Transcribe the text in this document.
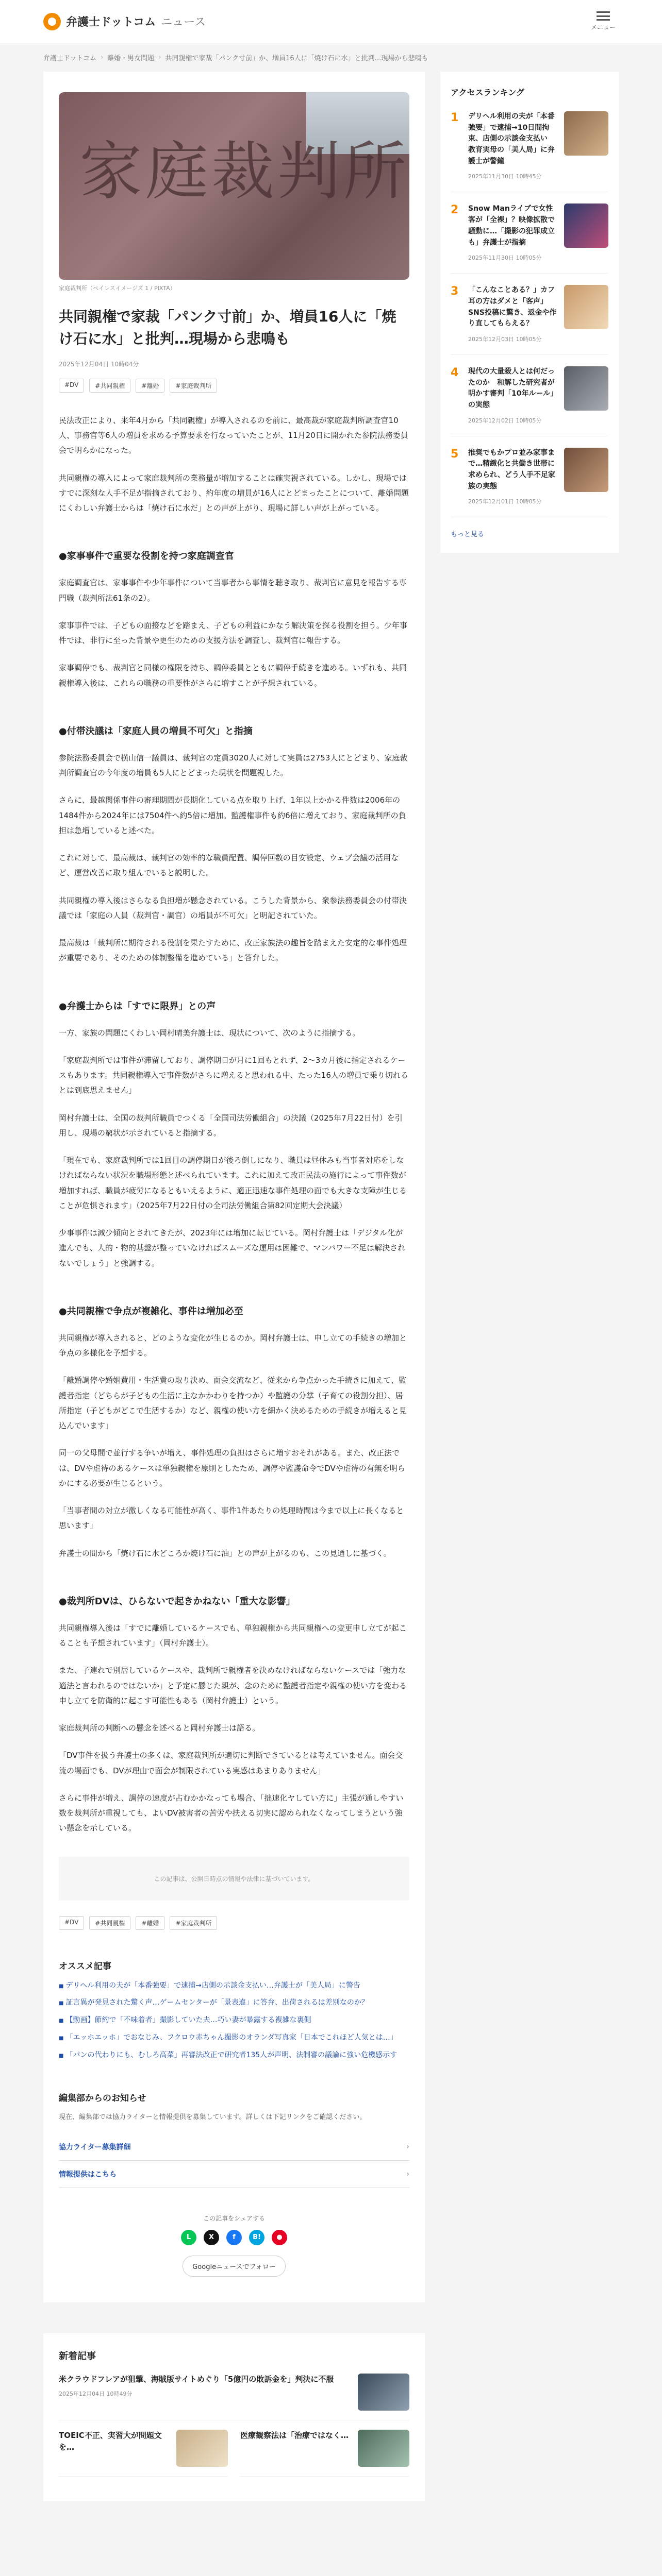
弁護士ドットコム ニュース	メニュー
弁護士ドットコム › 離婚・男女問題 › 共同親権で家裁「パンク寸前」か、増員16人に「焼け石に水」と批判…現場から悲鳴も
家庭裁判所
家庭裁判所（ペイレスイメージズ 1 / PIXTA）
共同親権で家裁「パンク寸前」か、増員16人に「焼け石に水」と批判…現場から悲鳴も
2025年12月04日 10時04分
#DV	#共同親権	#離婚	#家庭裁判所

民法改正により、来年4月から「共同親権」が導入されるのを前に、最高裁が家庭裁判所調査官10人、事務官等6人の増員を求める予算要求を行なっていたことが、11月20日に開かれた参院法務委員会で明らかになった。

共同親権の導入によって家庭裁判所の業務量が増加することは確実視されている。しかし、現場ではすでに深刻な人手不足が指摘されており、約年度の増員が16人にとどまったことについて、離婚問題にくわしい弁護士からは「焼け石に水だ」との声が上がり、現場に詳しい声が上がっている。

●家事事件で重要な役割を持つ家庭調査官

家庭調査官は、家事事件や少年事件について当事者から事情を聴き取り、裁判官に意見を報告する専門職（裁判所法61条の2）。

家事事件では、子どもの面接などを踏まえ、子どもの利益にかなう解決策を探る役割を担う。少年事件では、非行に至った背景や更生のための支援方法を調査し、裁判官に報告する。

家事調停でも、裁判官と同様の権限を持ち、調停委員とともに調停手続きを進める。いずれも、共同親権導入後は、これらの職務の重要性がさらに増すことが予想されている。

●付帯決議は「家庭人員の増員不可欠」と指摘

参院法務委員会で横山信一議員は、裁判官の定員3020人に対して実員は2753人にとどまり、家庭裁判所調査官の今年度の増員も5人にとどまった現状を問題視した。

さらに、最越関係事件の審理期間が長期化している点を取り上げ、1年以上かかる件数は2006年の1484件から2024年には7504件へ約5倍に増加。監護権事件も約6倍に増えており、家庭裁判所の負担は急増していると述べた。

これに対して、最高裁は、裁判官の効率的な職員配置、調停回数の目安設定、ウェブ会議の活用など、運営改善に取り組んでいると説明した。

共同親権の導入後はさらなる負担増が懸念されている。こうした背景から、衆参法務委員会の付帯決議では「家庭の人員（裁判官・調官）の増員が不可欠」と明記されていた。

最高裁は「裁判所に期待される役割を果たすために、改正家族法の趣旨を踏まえた安定的な事件処理が重要であり、そのための体制整備を進めている」と答弁した。

●弁護士からは「すでに限界」との声

一方、家族の問題にくわしい岡村晴美弁護士は、現状について、次のように指摘する。

「家庭裁判所では事件が滞留しており、調停期日が月に1回もとれず、2〜3カ月後に指定されるケースもあります。共同親権導入で事件数がさらに増えると思われる中、たった16人の増員で乗り切れるとは到底思えません」

岡村弁護士は、全国の裁判所職員でつくる「全国司法労働組合」の決議（2025年7月22日付）を引用し、現場の窮状が示されていると指摘する。

「現在でも、家庭裁判所では1回目の調停期日が後ろ倒しになり、職員は昼休みも当事者対応をしなければならない状況を職場形態と述べられています。これに加えて改正民法の施行によって事件数が増加すれば、職員が疲労になるともいえるように、適正迅速な事件処理の面でも大きな支障が生じることが危惧されます」（2025年7月22日付の全司法労働組合第82回定期大会決議）

少事事件は減少傾向とされてきたが、2023年には増加に転じている。岡村弁護士は「デジタル化が進んでも、人的・物的基盤が整っていなければスムーズな運用は困難で、マンパワー不足は解決されないでしょう」と強調する。

●共同親権で争点が複雑化、事件は増加必至

共同親権が導入されると、どのような変化が生じるのか。岡村弁護士は、申し立ての手続きの増加と争点の多様化を予想する。

「離婚調停や婚姻費用・生活費の取り決め、面会交流など、従来から争点かった手続きに加えて、監護者指定（どちらが子どもの生活に主なかかわりを持つか）や監護の分掌（子育ての役割分担）、居所指定（子どもがどこで生活するか）など、親権の使い方を細かく決めるための手続きが増えると見込んでいます」

同一の父母間で並行する争いが増え、事件処理の負担はさらに増すおそれがある。また、改正法では、DVや虐待のあるケースは単独親権を原則としたため、調停や監護命令でDVや虐待の有無を明らかにする必要が生じるという。

「当事者間の対立が激しくなる可能性が高く、事件1件あたりの処理時間は今まで以上に長くなると思います」

弁護士の間から「焼け石に水どころか焼け石に油」との声が上がるのも、この見通しに基づく。

●裁判所DVは、ひらないで起きかねない「重大な影響」

共同親権導入後は「すでに離婚しているケースでも、単独親権から共同親権への変更申し立てが起こることも予想されています」（岡村弁護士）。

また、子連れで別居しているケースや、裁判所で親権者を決めなければならないケースでは「強力な適法と言われるのではないか」と予定に懸じた親が、念のために監護者指定や親権の使い方を変わる申し立てを防衛的に起こす可能性もある（岡村弁護士）という。

家庭裁判所の判断への懸念を述べると岡村弁護士は語る。

「DV事件を扱う弁護士の多くは、家庭裁判所が適切に判断できているとは考えていません。面会交流の場面でも、DVが理由で面会が制限されている実感はあまりありません」

さらに事件が増え、調停の速度が占むかかなっても場合、「拙速化ヤしてい方に」主張が通しやすい数を裁判所が重視しても、よいDV被害者の苦労や扶える切実に認められなくなってしまうという強い懸念を示している。

この記事は、公開日時点の情報や法律に基づいています。
#DV	#共同親権	#離婚	#家庭裁判所
オススメ記事
■ デリヘル利用の夫が「本番強要」で逮捕→店側の示談金支払い…弁護士が「美人局」に警告
■ 証言異が発見された驚く声…ゲームセンターが「景表違」に答弁、出荷されるは差別なのか？
■ 【動画】節約で「不味着者」撮影していた夫…巧い妻が暴露する複雑な裏側
■ 「エッホエッホ」でおなじみ、フクロウ赤ちゃん撮影のオランダ写真家「日本でこれほど人気とは…」
■ 「パンの代わりにも、むしろ高菜」再審法改正で研究者135人が声明、法制審の議論に強い危機感示す
編集部からのお知らせ

現在、編集部では協力ライターと情報提供を募集しています。詳しくは下記リンクをご確認ください。

協力ライター募集詳細	›
情報提供はこちら	›
この記事をシェアする
L	X	f	B!	●
Googleニュースでフォロー
アクセスランキング
1	デリヘル利用の夫が「本番強要」で逮捕→10日間拘束、店側の示談金支払い　教育実母の「美人局」に弁護士が警鐘
2025年11月30日 10時45分
2	Snow Manライブで女性客が「全裸」？映像拡散で騒動に…「撮影の犯罪成立も」弁護士が指摘
2025年11月30日 10時05分
3	「こんなことある？」カフ耳の方はダメと「客声」SNS投稿に驚き、返金や作り直してもらえる？
2025年12月03日 10時05分
4	現代の大量殺人とは何だったのか　和解した研究者が明かす審判「10年ルール」の実態
2025年12月02日 10時05分
5	推奨でもかプロ並み家事まで…精緻化と共働き世帯に求められ、どう人手不足家族の実態
2025年12月01日 10時05分
もっと見る
新着記事
米クラウドフレアが狙撃、海賊版サイトめぐり「5億円の敗訴金を」判決に不服
2025年12月04日 10時49分
TOEIC不正、実習大が問題文を…
医療観察法は「治療ではなく…
